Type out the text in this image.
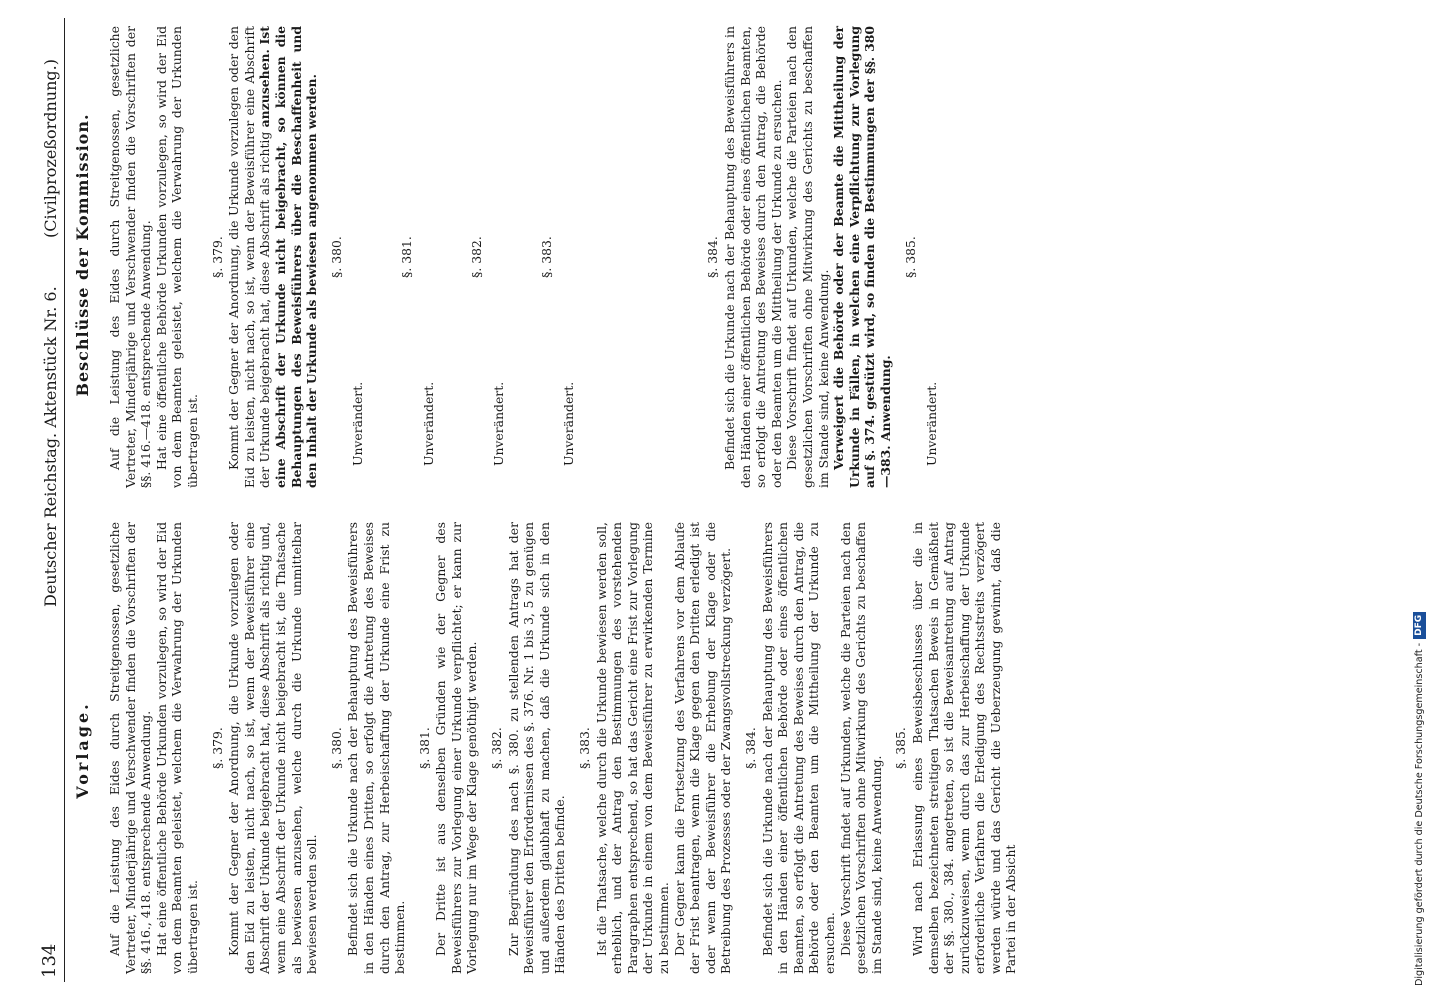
134
Deutscher Reichstag. Aktenstück Nr. 6.
(Civilprozeßordnung.)
Vorlage.
Beschlüsse der Kommission.

Auf die Leistung des Eides durch Streitgenossen, gesetzliche Vertreter, Minderjährige und Verschwender finden die Vorschriften der §§. 416., 418. entsprechende Anwendung. Hat eine öffentliche Behörde Urkunden vorzulegen, so wird der Eid von dem Beamten geleistet, welchem die Verwahrung der Urkunden übertragen ist.

§. 379. Kommt der Gegner der Anordnung, die Urkunde vorzulegen oder den Eid zu leisten, nicht nach, so ist, wenn der Beweisführer eine Abschrift der Urkunde beigebracht hat, diese Abschrift als richtig und, wenn eine Abschrift der Urkunde nicht beigebracht ist, die Thatsache als bewiesen anzusehen, welche durch die Urkunde unmittelbar bewiesen werden soll.

§. 380. Befindet sich die Urkunde nach der Behauptung des Beweisführers in den Händen eines Dritten, so erfolgt die Antretung des Beweises durch den Antrag, zur Herbeischaffung der Urkunde eine Frist zu bestimmen.

§. 381. Der Dritte ist aus denselben Gründen wie der Gegner des Beweisführers zur Vorlegung einer Urkunde verpflichtet; er kann zur Vorlegung nur im Wege der Klage genöthigt werden. §. 382. Zur Begründung des nach §. 380. zu stellenden Antrags hat der Beweisführer den Erfordernissen des §. 376. Nr. 1 bis 3, 5 zu genügen und außerdem glaubhaft zu machen, daß die Urkunde sich in den Händen des Dritten befinde.

§. 383. Ist die Thatsache, welche durch die Urkunde bewiesen werden soll, erheblich, und der Antrag den Bestimmungen des vorstehenden Paragraphen entsprechend, so hat das Gericht eine Frist zur Vorlegung der Urkunde in einem von dem Beweisführer zu erwirkenden Termine zu bestimmen. Der Gegner kann die Fortsetzung des Verfahrens vor dem Ablaufe der Frist beantragen, wenn die Klage gegen den Dritten erledigt ist oder wenn der Beweisführer die Erhebung der Klage oder die Betreibung des Prozesses oder der Zwangsvollstreckung verzögert. §. 384. Befindet sich die Urkunde nach der Behauptung des Beweisführers in den Händen einer öffentlichen Behörde oder eines öffentlichen Beamten, so erfolgt die Antretung des Beweises durch den Antrag, die Behörde oder den Beamten um die Mittheilung der Urkunde zu ersuchen. Diese Vorschrift findet auf Urkunden, welche die Parteien nach den gesetzlichen Vorschriften ohne Mitwirkung des Gerichts zu beschaffen im Stande sind, keine Anwendung.

§. 385. Wird nach Erlassung eines Beweisbeschlusses über die in demselben bezeichneten streitigen Thatsachen Beweis in Gemäßheit der §§. 380., 384. angetreten, so ist die Beweisantretung auf Antrag zurückzuweisen, wenn durch das zur Herbeischaffung der Urkunde erforderliche Verfahren die Erledigung des Rechtsstreits verzögert werden würde und das Gericht die Ueberzeugung gewinnt, daß die Partei in der Absicht

Auf die Leistung des Eides durch Streitgenossen, gesetzliche Vertreter, Minderjährige und Verschwender finden die Vorschriften der §§. 416.—418. entsprechende Anwendung. Hat eine öffentliche Behörde Urkunden vorzulegen, so wird der Eid von dem Beamten geleistet, welchem die Verwahrung der Urkunden übertragen ist.

§. 379. Kommt der Gegner der Anordnung, die Urkunde vorzulegen oder den Eid zu leisten, nicht nach, so ist, wenn der Beweisführer eine Abschrift der Urkunde beigebracht hat, diese Abschrift als richtig anzusehen. Ist eine Abschrift der Urkunde nicht beigebracht, so können die Behauptungen des Beweisführers über die Beschaffenheit und den Inhalt der Urkunde als bewiesen angenommen werden. §. 380.
Unverändert.
§. 381.
Unverändert.
§. 382.
Unverändert.
§. 383.
Unverändert.
§. 384. Befindet sich die Urkunde nach der Behauptung des Beweisführers in den Händen einer öffentlichen Behörde oder eines öffentlichen Beamten, so erfolgt die Antretung des Beweises durch den Antrag, die Behörde oder den Beamten um die Mittheilung der Urkunde zu ersuchen. Diese Vorschrift findet auf Urkunden, welche die Parteien nach den gesetzlichen Vorschriften ohne Mitwirkung des Gerichts zu beschaffen im Stande sind, keine Anwendung. Verweigert die Behörde oder der Beamte die Mittheilung der Urkunde in Fällen, in welchen eine Verpflichtung zur Vorlegung auf §. 374. gestützt wird, so finden die Bestimmungen der §§. 380—383. Anwendung.

§. 385.
Unverändert.
Digitalisierung gefördert durch die Deutsche Forschungsgemeinschaft -DFG
